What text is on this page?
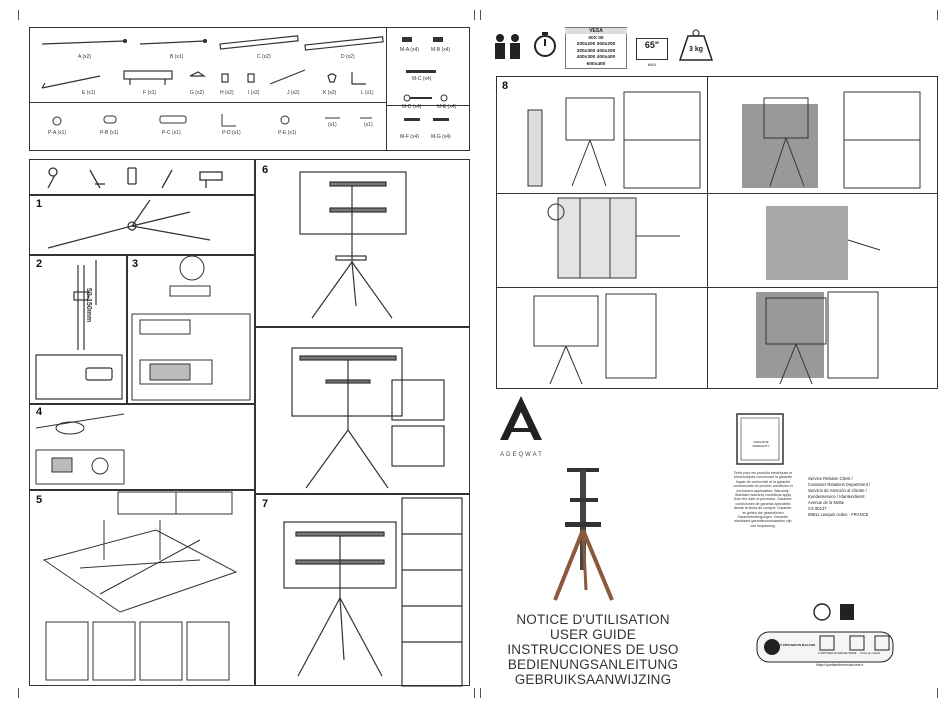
A (x2)	B (x1)	C (x2)	D (x2)
E (x1)	F (x1)	G (x2)	H (x2)	I (x2)	J (x2)	K (x2)	L (x1)
P-A (x1)	P-B (x1)	P-C (x1)	P-D (x1)	P-E (x1)
(x1)	(x1)
M-A (x4) M-B (x4)
M-C (x4)
M-D (x4)	M-E (x4)
M-F (x4) M-G (x4)
1
2
50-150mm
3
4
5
6
7
VESA
00X 00
200x200 300x200
300x300 400x200
400x300 400x400
600x400
65"
MAX
3 kg
8
ADEQWAT
NOTICE D'UTILISATION
USER GUIDE
INSTRUCCIONES DE USO
BEDIENUNGSANLEITUNG
GEBRUIKSAANWIJZING
GARANTIE WARRANTY
Texte pour les produits électriques et électroniques concernant la garantie légale de conformité et la garantie commerciale du produit, conditions et exclusions applicables. Warranty: Standard warranty conditions apply from the date of purchase. Garantia: condiciones de garantia aplicables desde la fecha de compra. Garantie: es gelten die gesetzlichen Garantiebedingungen. Garantie: standaard garantievoorwaarden zijn van toepassing.
Service Relation Client /
Customer Relations Department /
Servicio de Atención al Cliente /
Kundenservice / Klantendienst
Avenue de la Motte
CS 80137
59811 Lesquin cedex - FRANCE
À DÉPOSER EN MAGASIN
À DÉPOSER EN DÉCHETTERIE	Points de collecte
https://quefairedemesdechets.fr
